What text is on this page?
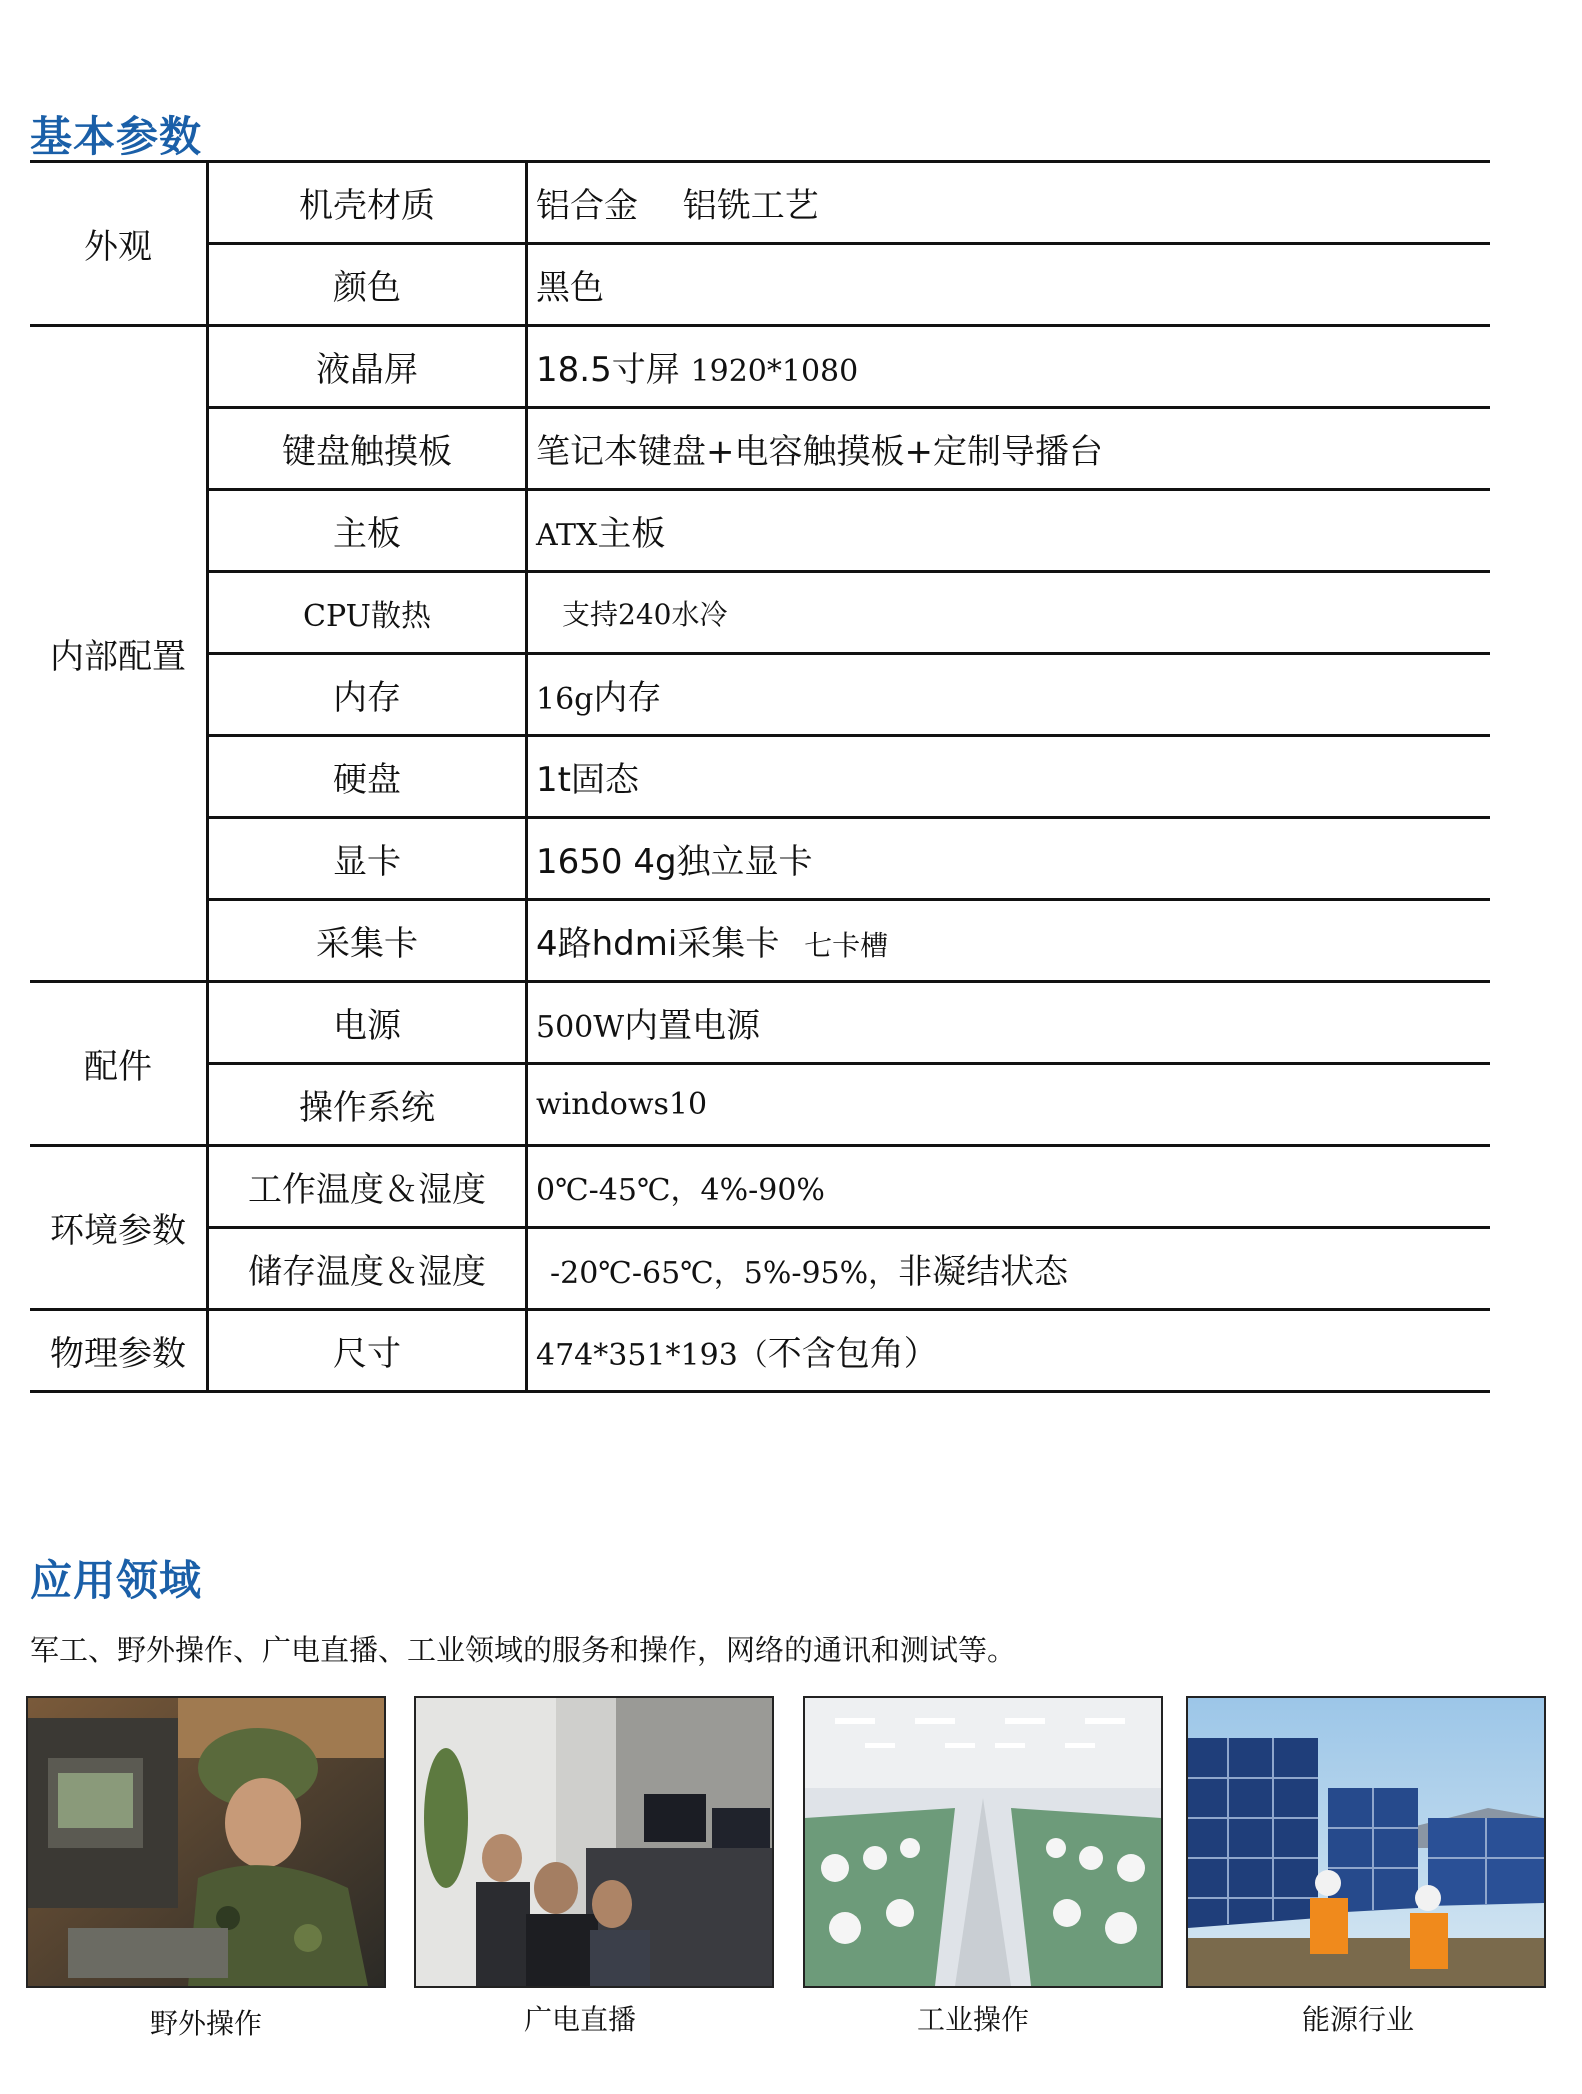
基本参数
外观	机壳材质	铝合金　 铝铣工艺
	颜色	黑色
内部配置	液晶屏	18.5寸屏 1920*1080
	键盘触摸板	笔记本键盘+电容触摸板+定制导播台
	主板	ATX主板
	CPU散热	支持240水冷
	内存	16g内存
	硬盘	1t固态
	显卡	1650 4g独立显卡
	采集卡	4路hdmi采集卡 七卡槽
配件	电源	500W内置电源
	操作系统	windows10
环境参数	工作温度＆湿度	0℃-45℃，4%-90%
	储存温度＆湿度	-20℃-65℃，5%-95%，非凝结状态
物理参数	尺寸	474*351*193（不含包角）
应用领域
军工、野外操作、广电直播、工业领域的服务和操作，网络的通讯和测试等。
野外操作	广电直播	工业操作	能源行业
